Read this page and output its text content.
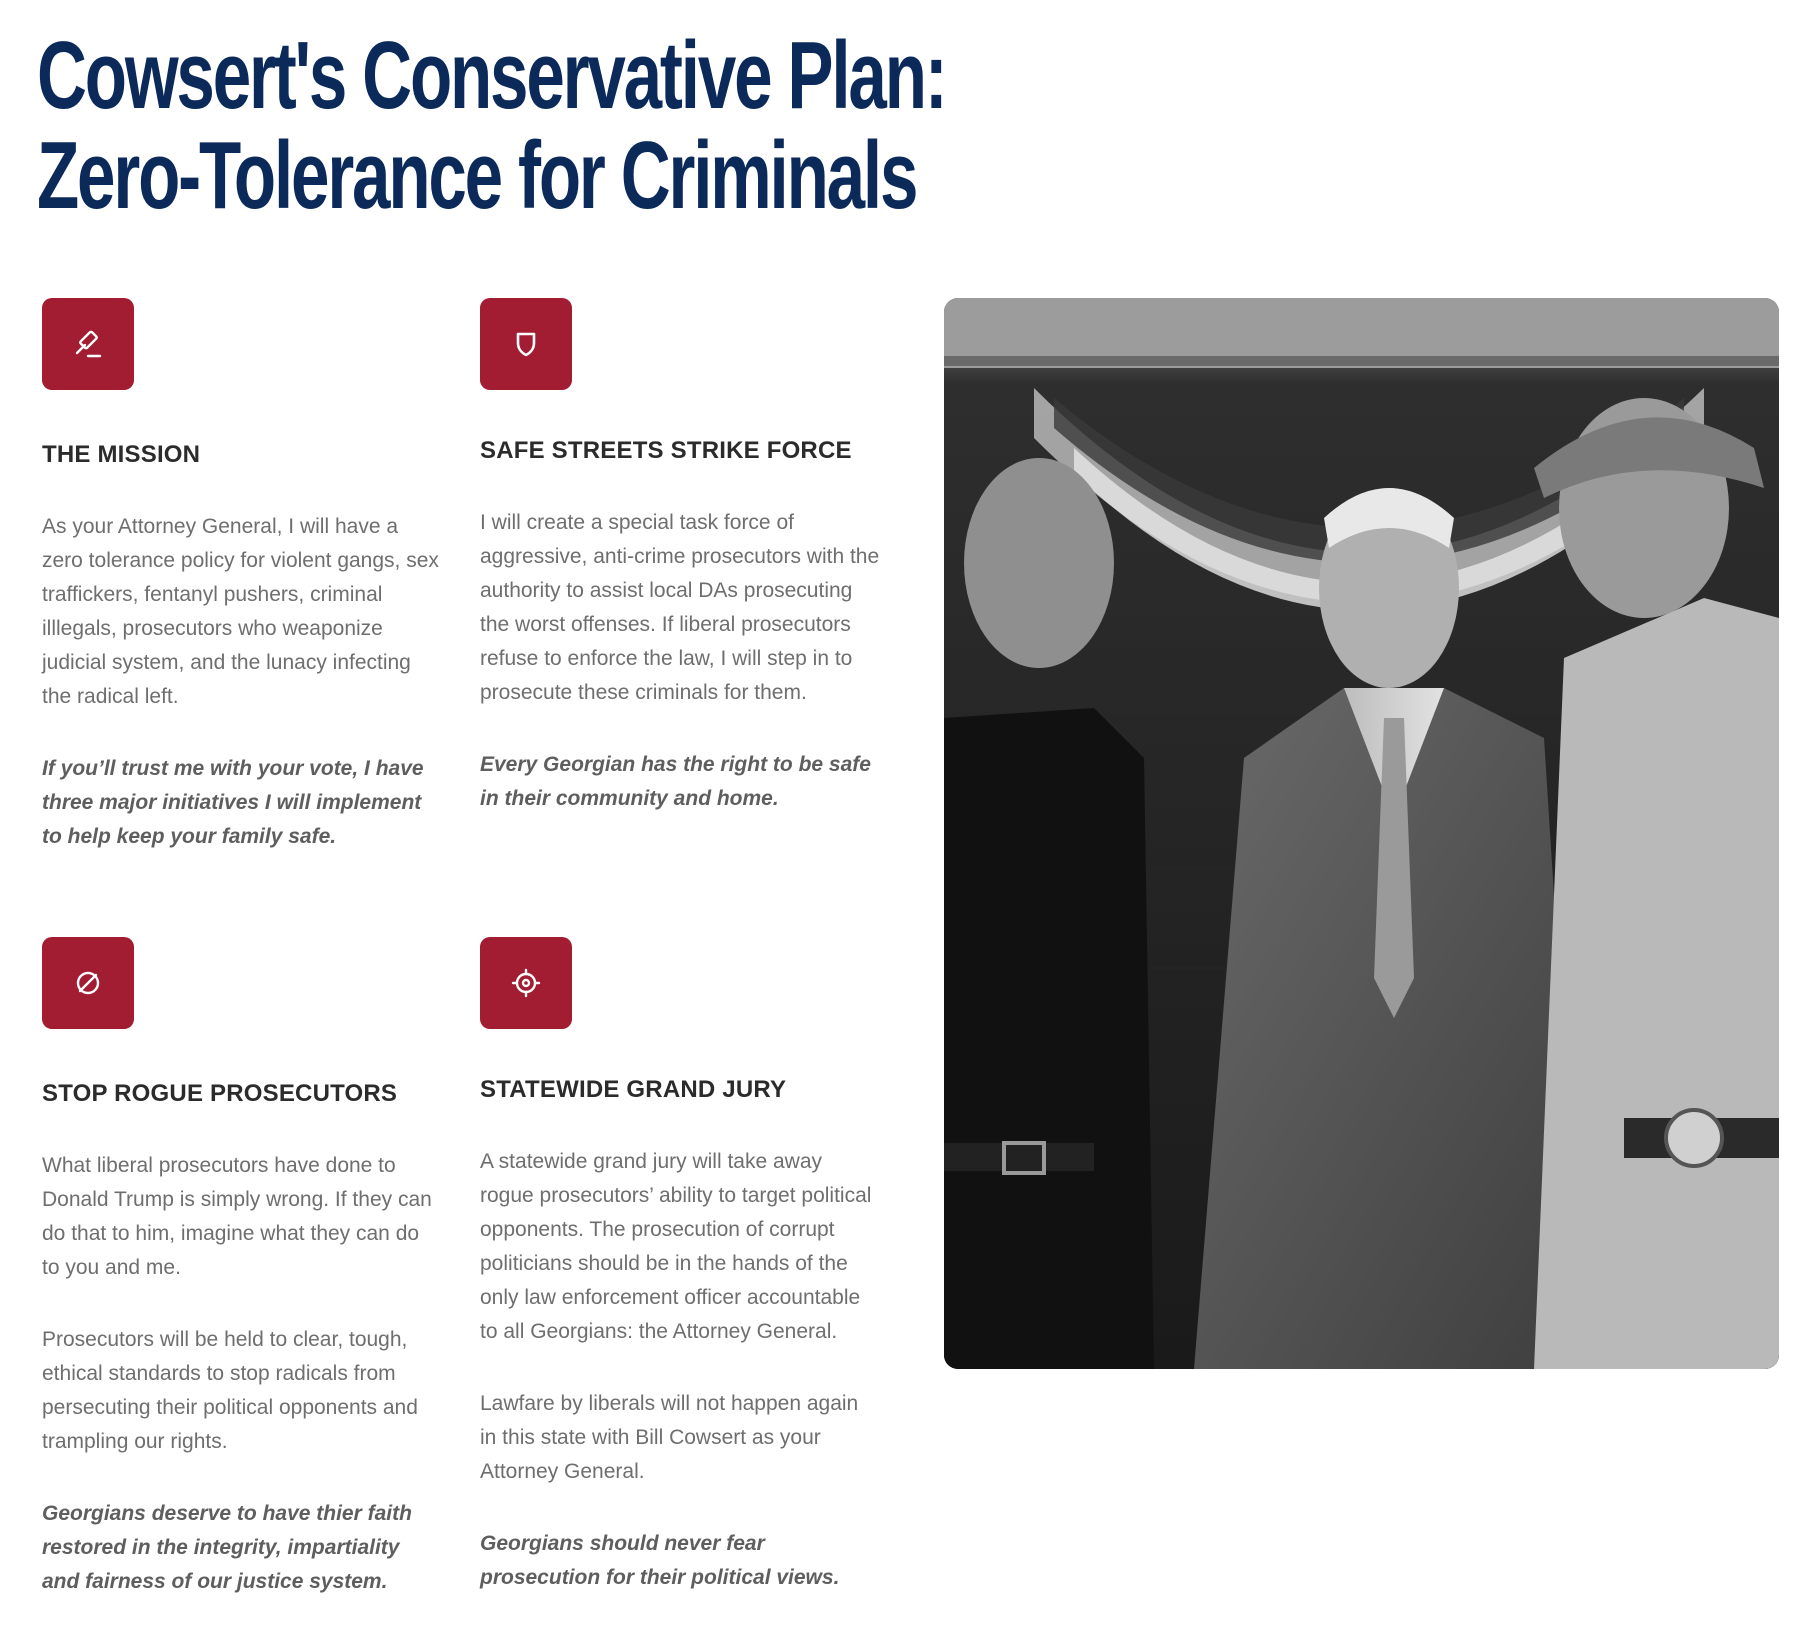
Cowsert's Conservative Plan:
Zero-Tolerance for Criminals
THE MISSION

As your Attorney General, I will have a zero tolerance policy for violent gangs, sex traffickers, fentanyl pushers, criminal illlegals, prosecutors who weaponize judicial system, and the lunacy infecting the radical left.

If you’ll trust me with your vote, I have three major initiatives I will implement to help keep your family safe.

SAFE STREETS STRIKE FORCE

I will create a special task force of aggressive, anti-crime prosecutors with the authority to assist local DAs prosecuting the worst offenses. If liberal prosecutors refuse to enforce the law, I will step in to prosecute these criminals for them.

Every Georgian has the right to be safe in their community and home.

STOP ROGUE PROSECUTORS

What liberal prosecutors have done to Donald Trump is simply wrong. If they can do that to him, imagine what they can do to you and me.

Prosecutors will be held to clear, tough, ethical standards to stop radicals from persecuting their political opponents and trampling our rights.

Georgians deserve to have thier faith restored in the integrity, impartiality and fairness of our justice system.

STATEWIDE GRAND JURY

A statewide grand jury will take away rogue prosecutors’ ability to target political opponents. The prosecution of corrupt politicians should be in the hands of the only law enforcement officer accountable to all Georgians: the Attorney General.

Lawfare by liberals will not happen again in this state with Bill Cowsert as your Attorney General.

Georgians should never fear prosecution for their political views.
